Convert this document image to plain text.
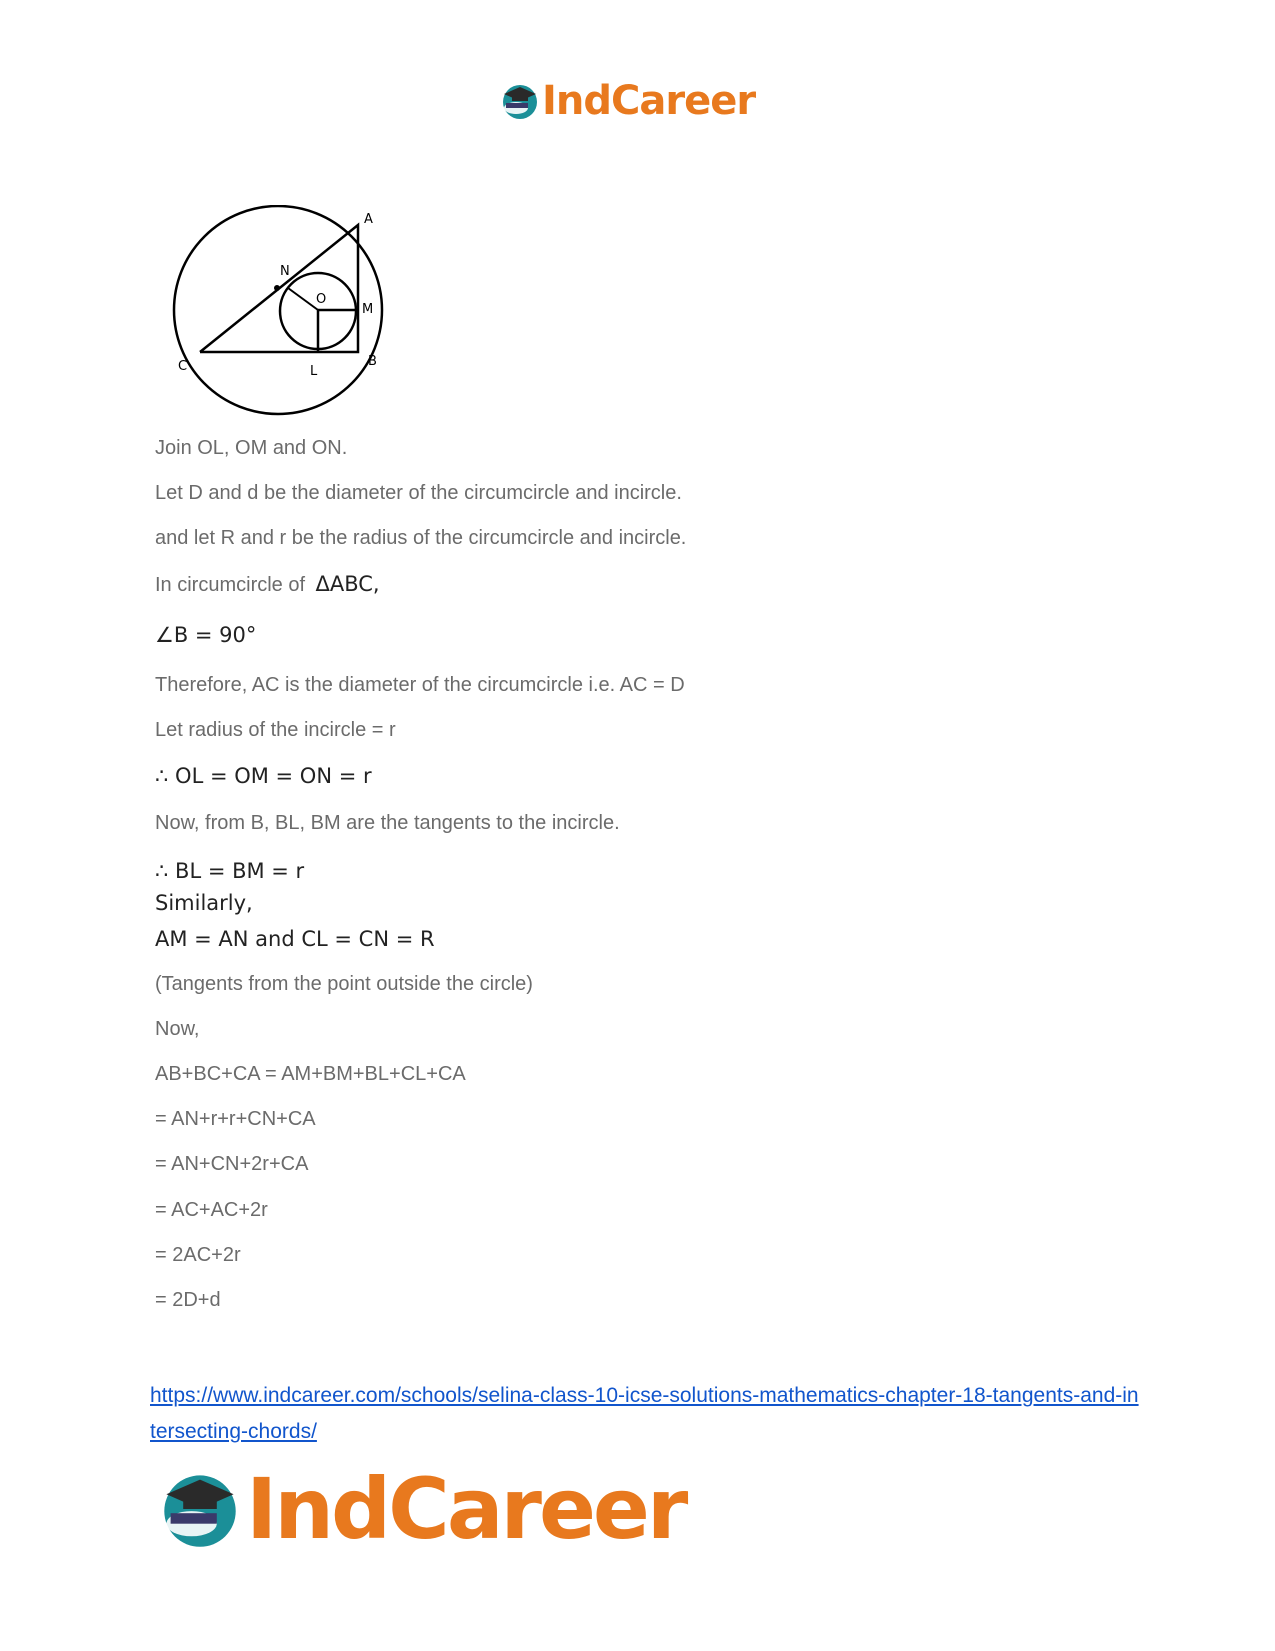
IndCareer
A
B
C	L
M
N
O

Join OL, OM and ON.

Let D and d be the diameter of the circumcircle and incircle.

and let R and r be the radius of the circumcircle and incircle.

In circumcircle of ΔABC,

∠B = 90°

Therefore, AC is the diameter of the circumcircle i.e. AC = D

Let radius of the incircle = r

∴ OL = OM = ON = r

Now, from B, BL, BM are the tangents to the incircle.

∴ BL = BM = r

Similarly,

AM = AN and CL = CN = R

(Tangents from the point outside the circle)

Now,

AB+BC+CA = AM+BM+BL+CL+CA

= AN+r+r+CN+CA

= AN+CN+2r+CA

= AC+AC+2r

= 2AC+2r

= 2D+d

https://www.indcareer.com/schools/selina-class-10-icse-solutions-mathematics-chapter-18-tangents-and-intersecting-chords/
IndCareer
